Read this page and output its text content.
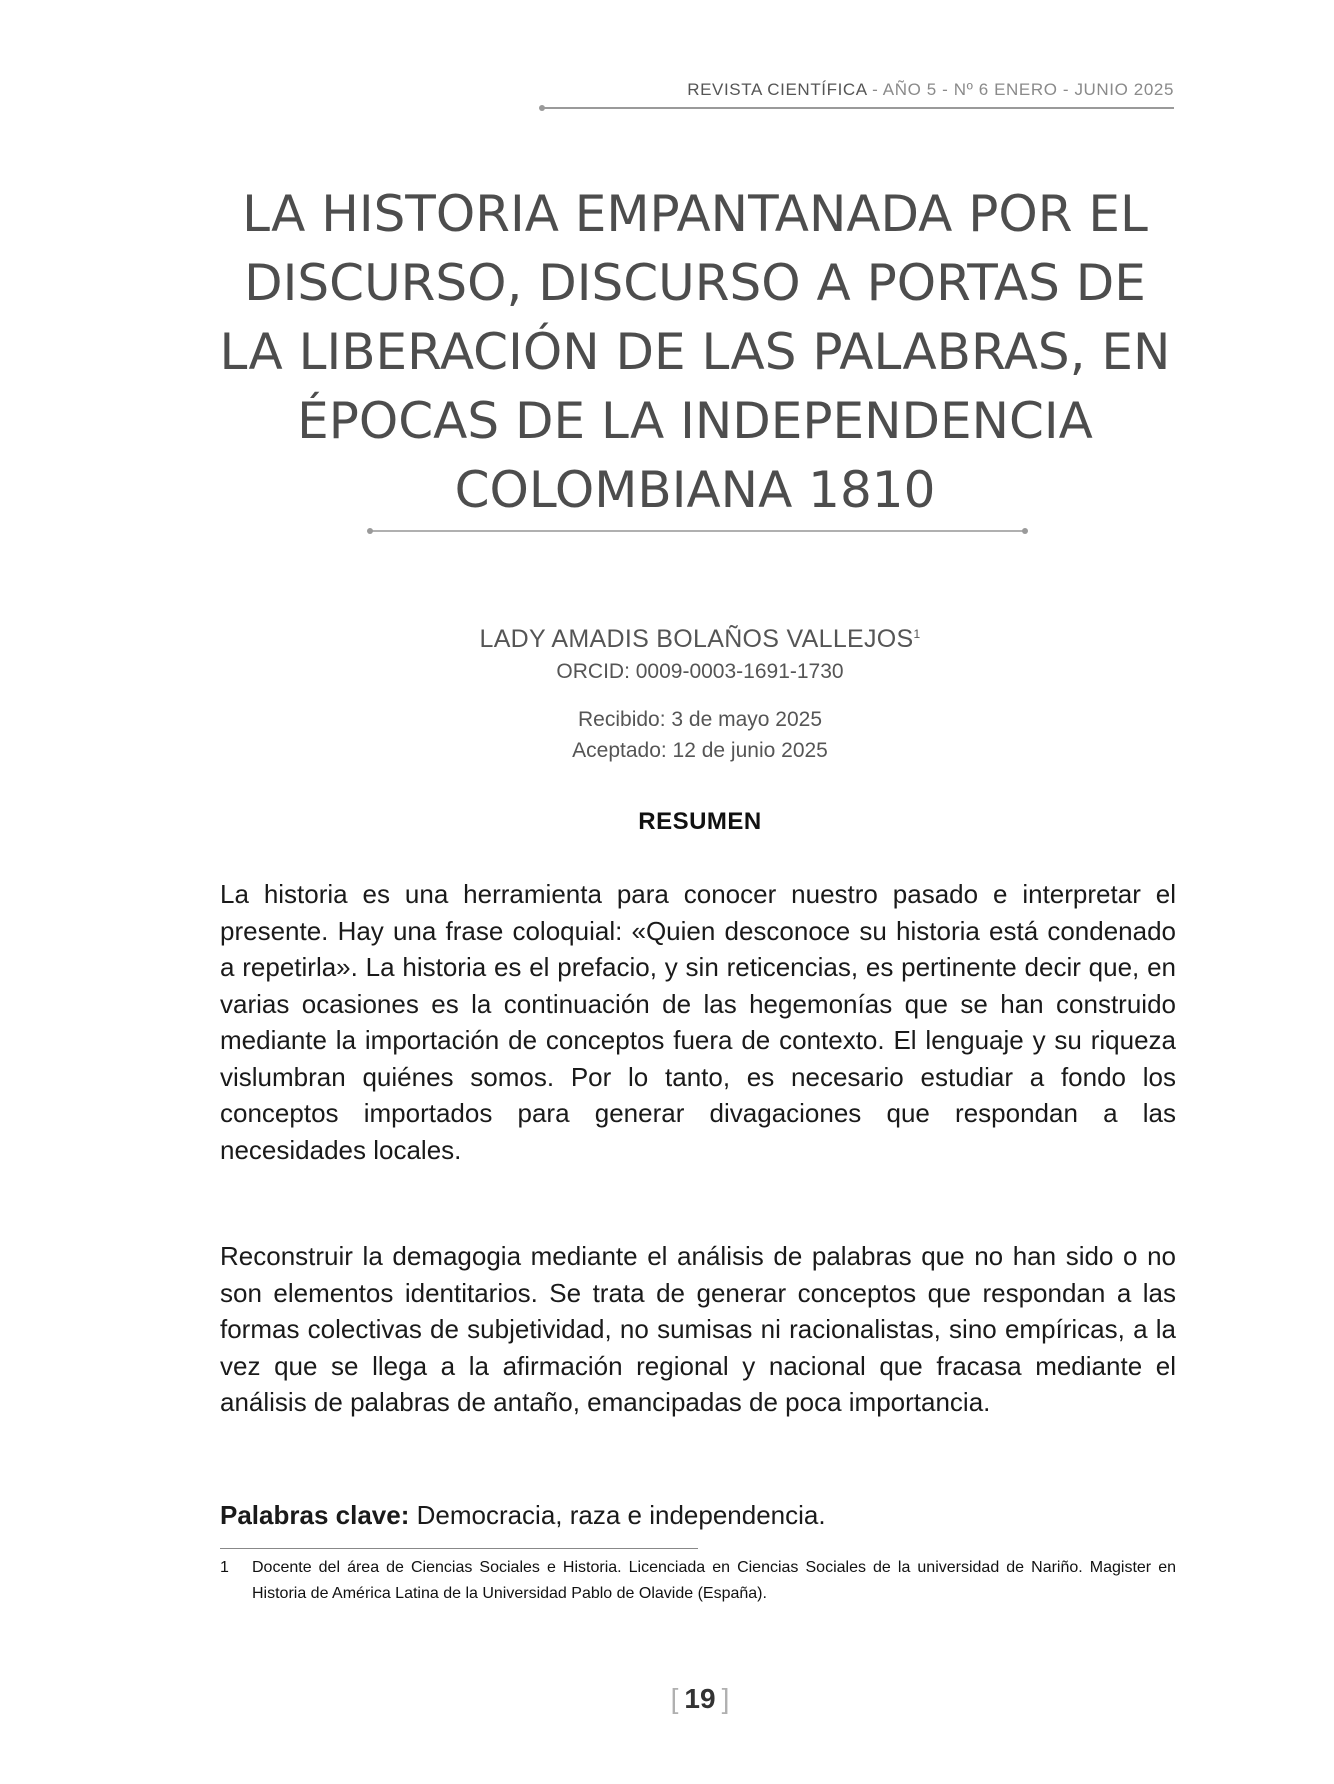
REVISTA CIENTÍFICA - AÑO 5 - Nº 6 ENERO - JUNIO 2025
LA HISTORIA EMPANTANADA POR EL DISCURSO, DISCURSO A PORTAS DE LA LIBERACIÓN DE LAS PALABRAS, EN ÉPOCAS DE LA INDEPENDENCIA COLOMBIANA 1810
LADY AMADIS BOLAÑOS VALLEJOS$^1$
ORCID: 0009-0003-1691-1730
Recibido: 3 de mayo 2025
Aceptado: 12 de junio 2025
RESUMEN

La historia es una herramienta para conocer nuestro pasado e interpretar el presente. Hay una frase coloquial: «Quien desconoce su historia está condenado a repetirla». La historia es el prefacio, y sin reticencias, es pertinente decir que, en varias ocasiones es la continuación de las hegemonías que se han construido mediante la importación de conceptos fuera de contexto. El lenguaje y su riqueza vislumbran quiénes somos. Por lo tanto, es necesario estudiar a fondo los conceptos importados para generar divagaciones que respondan a las necesidades locales.

Reconstruir la demagogia mediante el análisis de palabras que no han sido o no son elementos identitarios. Se trata de generar conceptos que respondan a las formas colectivas de subjetividad, no sumisas ni racionalistas, sino empíricas, a la vez que se llega a la afirmación regional y nacional que fracasa mediante el análisis de palabras de antaño, emancipadas de poca importancia.

Palabras clave: Democracia, raza e independencia.
1 Docente del área de Ciencias Sociales e Historia. Licenciada en Ciencias Sociales de la universidad de Nariño. Magister en Historia de América Latina de la Universidad Pablo de Olavide (España).
[ 19 ]
